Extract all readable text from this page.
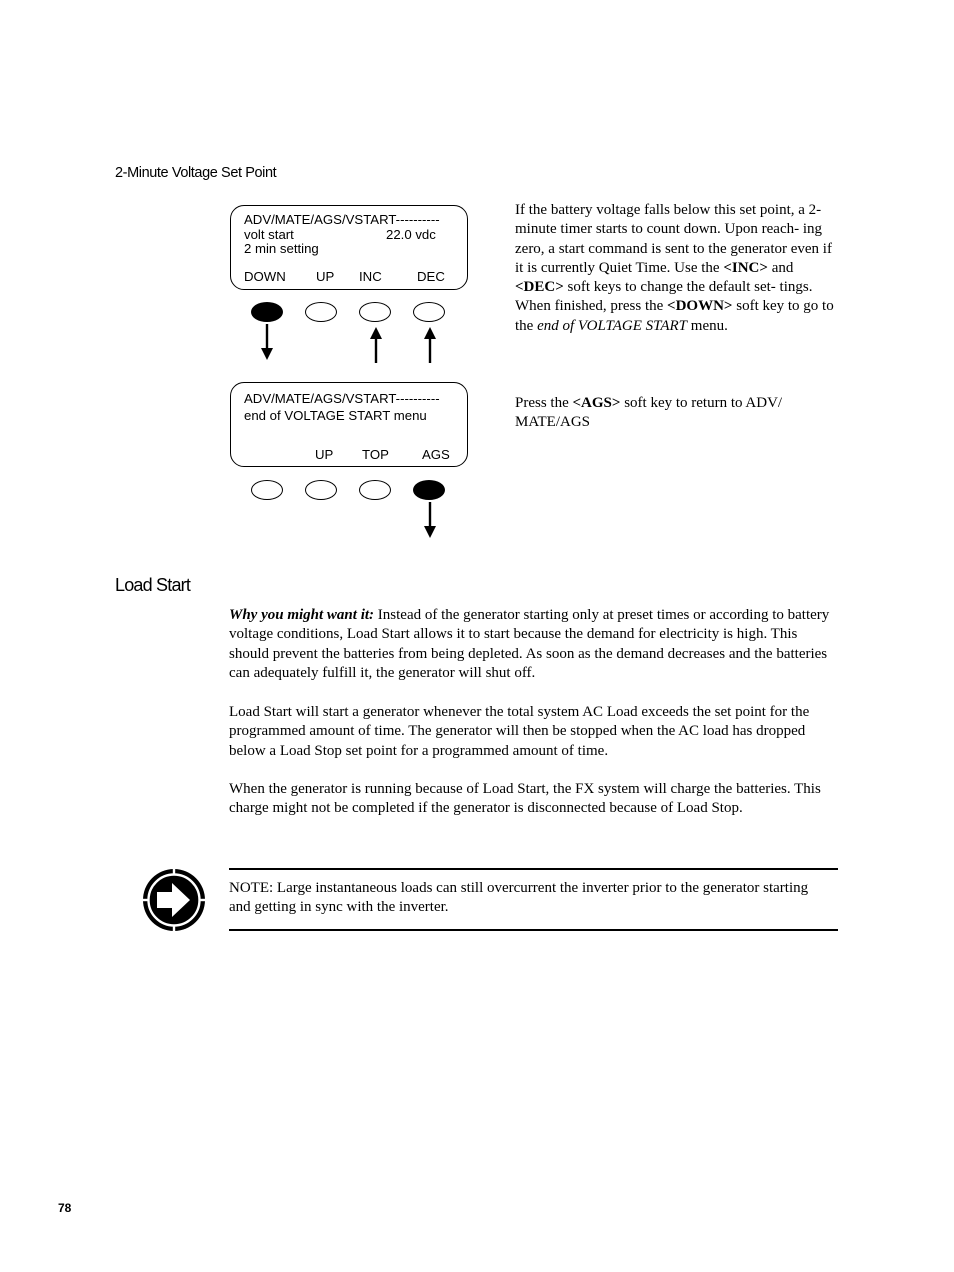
2-Minute Voltage Set Point
ADV/MATE/AGS/VSTART----------
volt start	22.0 vdc
2 min setting
DOWN UP INC	DEC
If the battery voltage falls below this set point, a 2-minute timer starts to count down. Upon reach- ing zero, a start command is sent to the generator even if it is currently Quiet Time. Use the <INC> and <DEC> soft keys to change the default set- tings. When finished, press the <DOWN> soft key to go to the end of VOLTAGE START menu.
ADV/MATE/AGS/VSTART----------
end of VOLTAGE START menu
UP TOP	AGS
Press the <AGS> soft key to return to ADV/ MATE/AGS
Load Start
Why you might want it: Instead of the generator starting only at preset times or according to battery voltage conditions, Load Start allows it to start because the demand for electricity is high. This should prevent the batteries from being depleted. As soon as the demand decreases and the batteries can adequately fulfill it, the generator will shut off.
Load Start will start a generator whenever the total system AC Load exceeds the set point for the programmed amount of time. The generator will then be stopped when the AC load has dropped below a Load Stop set point for a programmed amount of time.
When the generator is running because of Load Start, the FX system will charge the batteries. This charge might not be completed if the generator is disconnected because of Load Stop.
NOTE: Large instantaneous loads can still overcurrent the inverter prior to the generator starting and getting in sync with the inverter.
78
